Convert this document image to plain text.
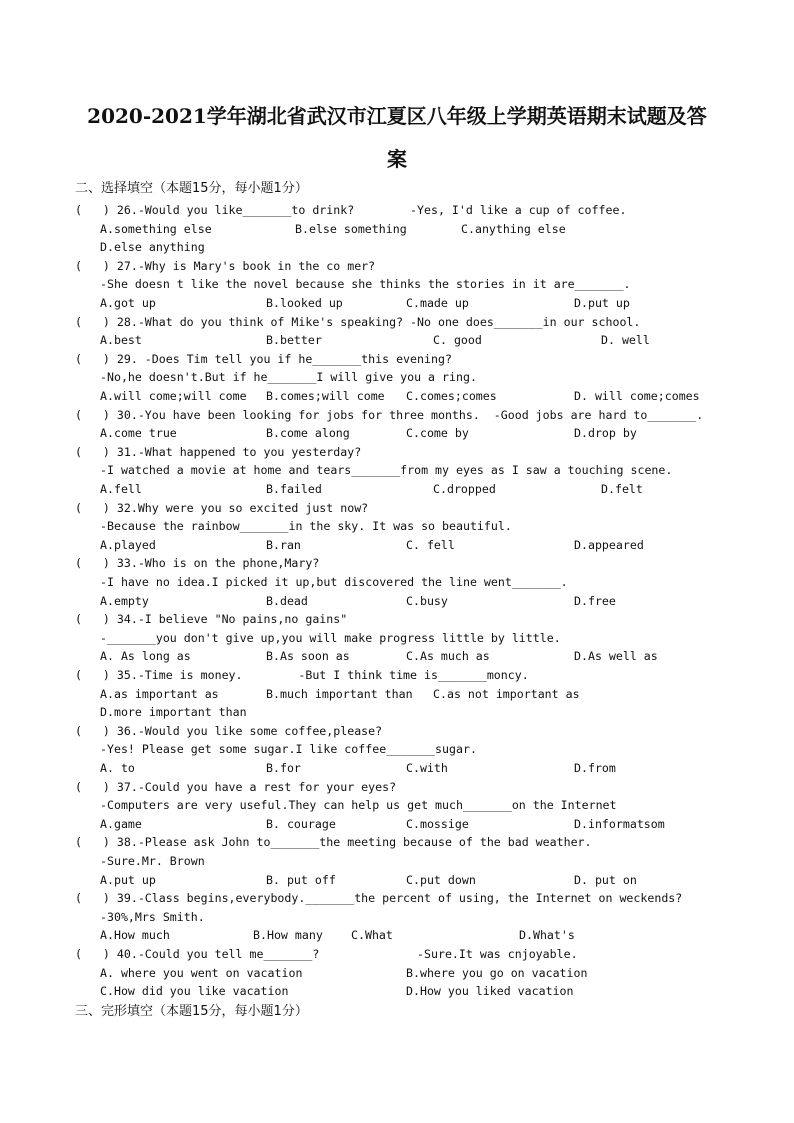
2020-2021学年湖北省武汉市江夏区八年级上学期英语期末试题及答
案
二、选择填空（本题15分，每小题1分）
(   ) 26.-Would you like_______to drink?        -Yes, I'd like a cup of coffee.
A.something else	B.else something	C.anything else
D.else anything
(   ) 27.-Why is Mary's book in the co mer?
-She doesn t like the novel because she thinks the stories in it are_______.
A.got up	B.looked up	C.made up	D.put up
(   ) 28.-What do you think of Mike's speaking? -No one does_______in our school.
A.best	B.better	C. good	D. well
(   ) 29. -Does Tim tell you if he_______this evening?
-No,he doesn't.But if he_______I will give you a ring.
A.will come;will come B.comes;will come C.comes;comes	D. will come;comes
(   ) 30.-You have been looking for jobs for three months.  -Good jobs are hard to_______.
A.come true	B.come along	C.come by	D.drop by
(   ) 31.-What happened to you yesterday?
-I watched a movie at home and tears_______from my eyes as I saw a touching scene.
A.fell	B.failed	C.dropped	D.felt
(   ) 32.Why were you so excited just now?
-Because the rainbow_______in the sky. It was so beautiful.
A.played	B.ran	C. fell	D.appeared
(   ) 33.-Who is on the phone,Mary?
-I have no idea.I picked it up,but discovered the line went_______.
A.empty	B.dead	C.busy	D.free
(   ) 34.-I believe "No pains,no gains"
-_______you don't give up,you will make progress little by little.
A. As long as	B.As soon as	C.As much as	D.As well as
(   ) 35.-Time is money.        -But I think time is_______moncy.
A.as important as	B.much important than C.as not important as
D.more important than
(   ) 36.-Would you like some coffee,please?
-Yes! Please get some sugar.I like coffee_______sugar.
A. to	B.for	C.with	D.from
(   ) 37.-Could you have a rest for your eyes?
-Computers are very useful.They can help us get much_______on the Internet
A.game	B. courage	C.mossige	D.informatsom
(   ) 38.-Please ask John to_______the meeting because of the bad weather.
-Sure.Mr. Brown
A.put up	B. put off	C.put down	D. put on
(   ) 39.-Class begins,everybody._______the percent of using, the Internet on weckends?
-30%,Mrs Smith.
A.How much	B.How many C.What	D.What's
(   ) 40.-Could you tell me_______?              -Sure.It was cnjoyable.
A. where you went on vacation	B.where you go on vacation
C.How did you like vacation	D.How you liked vacation
三、完形填空（本题15分，每小题1分）
